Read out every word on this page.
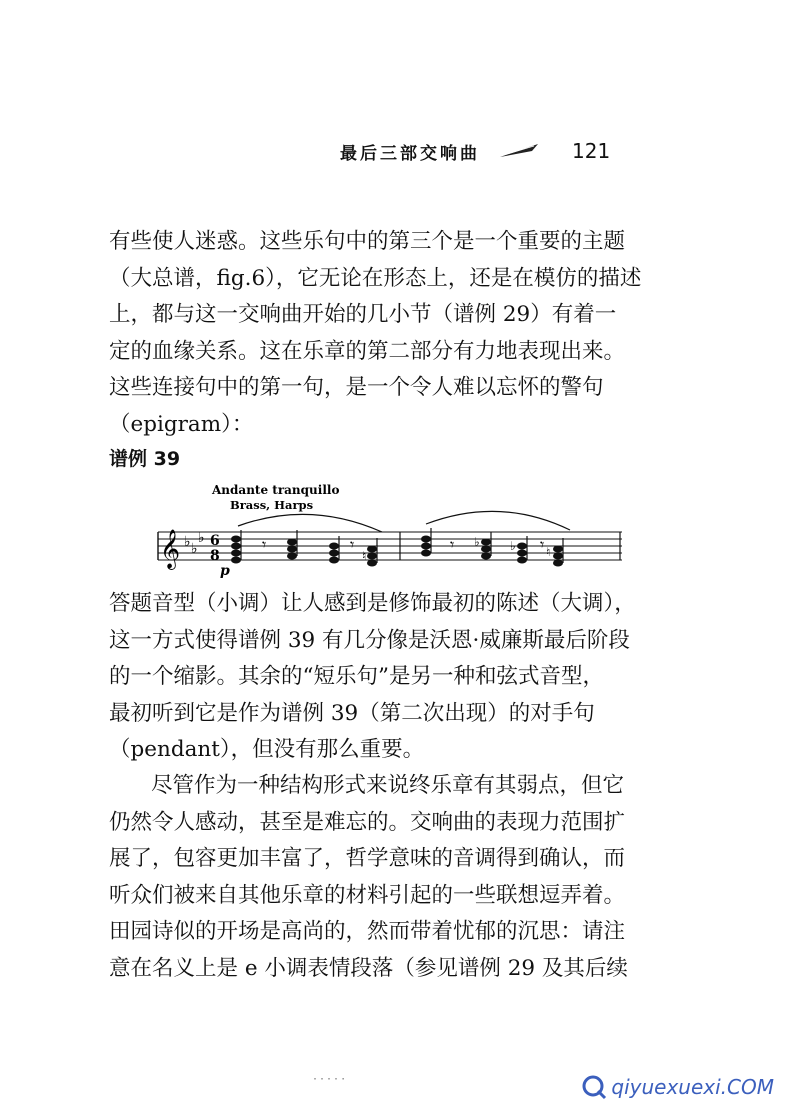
最后三部交响曲	121

有些使人迷惑。这些乐句中的第三个是一个重要的主题
（大总谱，fig.6），它无论在形态上，还是在模仿的描述
上，都与这一交响曲开始的几小节（谱例 29）有着一
定的血缘关系。这在乐章的第二部分有力地表现出来。
这些连接句中的第一句，是一个令人难以忘怀的警句
（epigram）：

谱例 39
Andante tranquillo
Brass, Harps
𝄞 ♭ ♭
♭ 6
8
p
𝄾	𝄾	𝄾	𝄾
♮
♭	♭	♮

答题音型（小调）让人感到是修饰最初的陈述（大调），
这一方式使得谱例 39 有几分像是沃恩·威廉斯最后阶段
的一个缩影。其余的“短乐句”是另一种和弦式音型，
最初听到它是作为谱例 39（第二次出现）的对手句
（pendant），但没有那么重要。

尽管作为一种结构形式来说终乐章有其弱点，但它
仍然令人感动，甚至是难忘的。交响曲的表现力范围扩
展了，包容更加丰富了，哲学意味的音调得到确认，而
听众们被来自其他乐章的材料引起的一些联想逗弄着。
田园诗似的开场是高尚的，然而带着忧郁的沉思：请注
意在名义上是 e 小调表情段落（参见谱例 29 及其后续

·····	qiyuexuexi.COM
